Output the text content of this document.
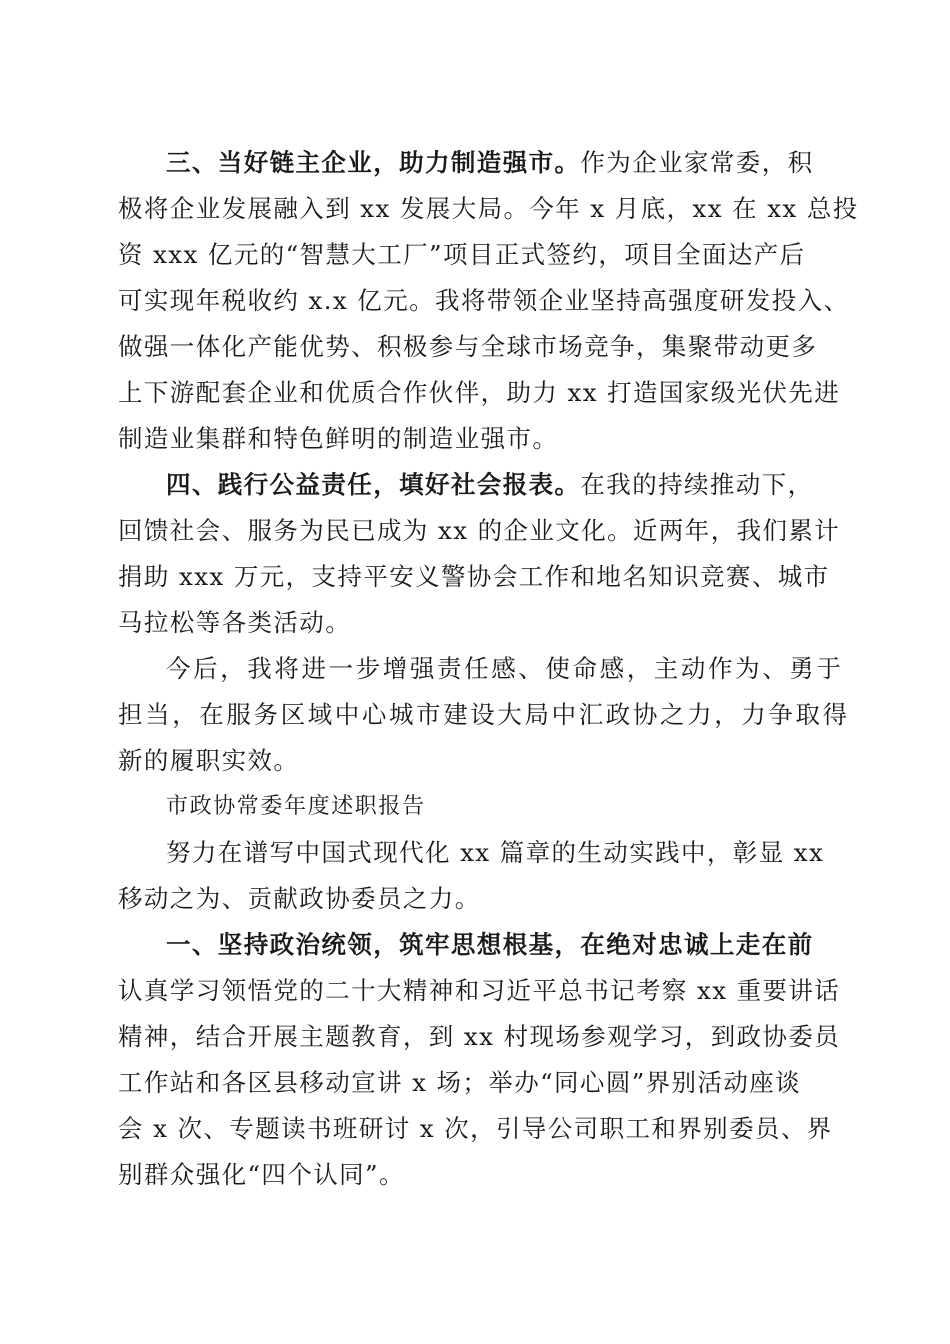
三、当好链主企业，助力制造强市。作为企业家常委，积
极将企业发展融入到 xx 发展大局。今年 x 月底，xx 在 xx 总投
资 xxx 亿元的“智慧大工厂”项目正式签约，项目全面达产后
可实现年税收约 x.x 亿元。我将带领企业坚持高强度研发投入、
做强一体化产能优势、积极参与全球市场竞争，集聚带动更多
上下游配套企业和优质合作伙伴，助力 xx 打造国家级光伏先进
制造业集群和特色鲜明的制造业强市。
四、践行公益责任，填好社会报表。在我的持续推动下，
回馈社会、服务为民已成为 xx 的企业文化。近两年，我们累计
捐助 xxx 万元，支持平安义警协会工作和地名知识竞赛、城市
马拉松等各类活动。
今后，我将进一步增强责任感、使命感，主动作为、勇于
担当，在服务区域中心城市建设大局中汇政协之力，力争取得
新的履职实效。
市政协常委年度述职报告
努力在谱写中国式现代化 xx 篇章的生动实践中，彰显 xx
移动之为、贡献政协委员之力。
一、坚持政治统领，筑牢思想根基，在绝对忠诚上走在前
认真学习领悟党的二十大精神和习近平总书记考察 xx 重要讲话
精神，结合开展主题教育，到 xx 村现场参观学习，到政协委员
工作站和各区县移动宣讲 x 场；举办“同心圆”界别活动座谈
会 x 次、专题读书班研讨 x 次，引导公司职工和界别委员、界
别群众强化“四个认同”。
